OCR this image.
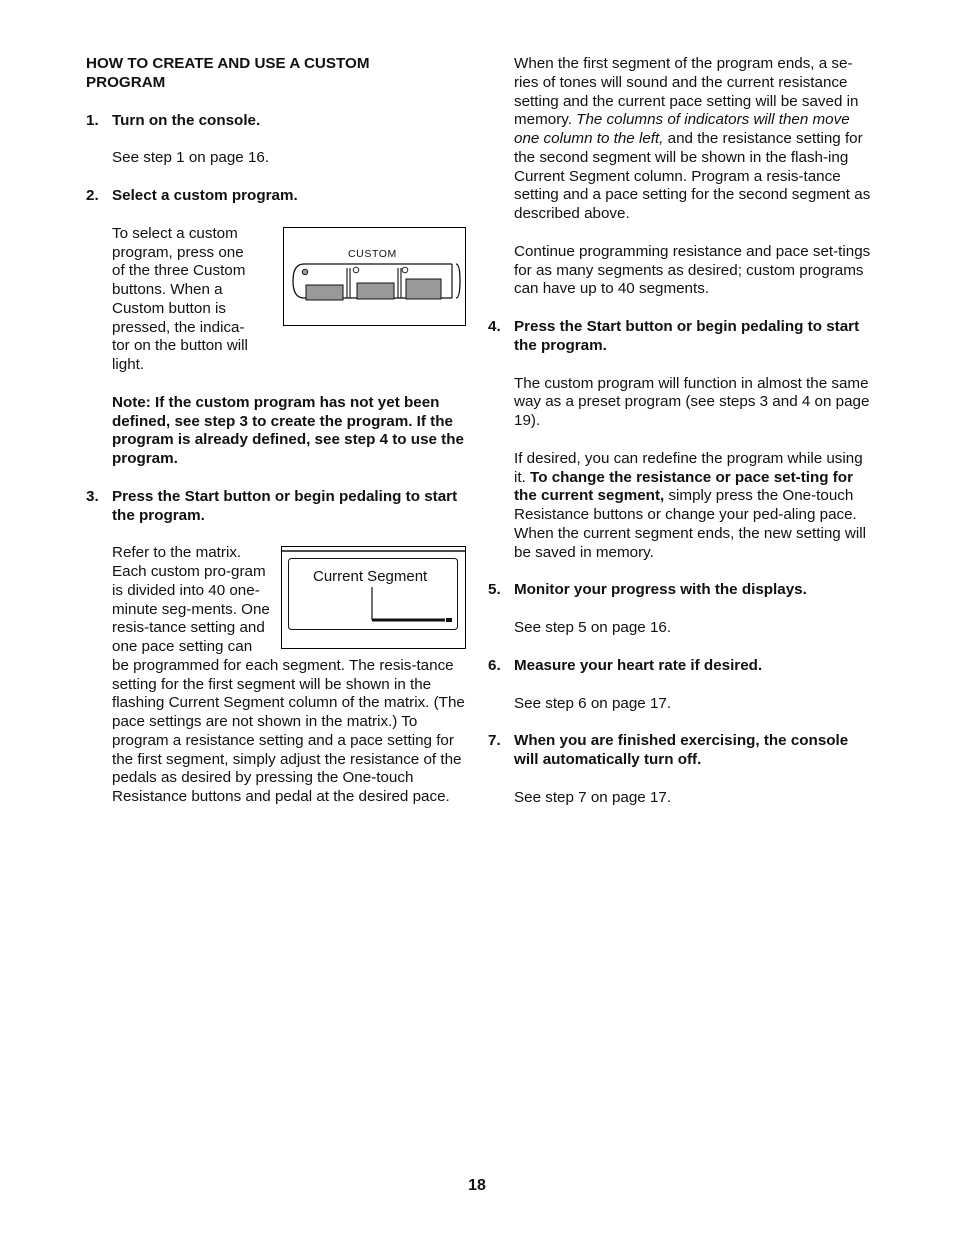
HOW TO CREATE AND USE A CUSTOM
PROGRAM
1. Turn on the console.

See step 1 on page 16.

2. Select a custom program.
CUSTOM

To select a custom program, press one of the three Custom buttons. When a Custom button is pressed, the indica-tor on the button will light.

Note: If the custom program has not yet been defined, see step 3 to create the program. If the program is already defined, see step 4 to use the program.

3. Press the Start button or begin pedaling to start the program.
Current Segment

Refer to the matrix. Each custom pro-gram is divided into 40 one-minute seg-ments. One resis-tance setting and one pace setting can be programmed for each segment. The resis-tance setting for the first segment will be shown in the flashing Current Segment column of the matrix. (The pace settings are not shown in the matrix.) To program a resistance setting and a pace setting for the first segment, simply adjust the resistance of the pedals as desired by pressing the One-touch Resistance buttons and pedal at the desired pace.

When the first segment of the program ends, a se-ries of tones will sound and the current resistance setting and the current pace setting will be saved in memory. The columns of indicators will then move one column to the left, and the resistance setting for the second segment will be shown in the flash-ing Current Segment column. Program a resis-tance setting and a pace setting for the second segment as described above.

Continue programming resistance and pace set-tings for as many segments as desired; custom programs can have up to 40 segments.

4. Press the Start button or begin pedaling to start the program.

The custom program will function in almost the same way as a preset program (see steps 3 and 4 on page 19).

If desired, you can redefine the program while using it. To change the resistance or pace set-ting for the current segment, simply press the One-touch Resistance buttons or change your ped-aling pace. When the current segment ends, the new setting will be saved in memory.

5. Monitor your progress with the displays.

See step 5 on page 16.

6. Measure your heart rate if desired.

See step 6 on page 17.

7. When you are finished exercising, the console will automatically turn off.

See step 7 on page 17.

18
